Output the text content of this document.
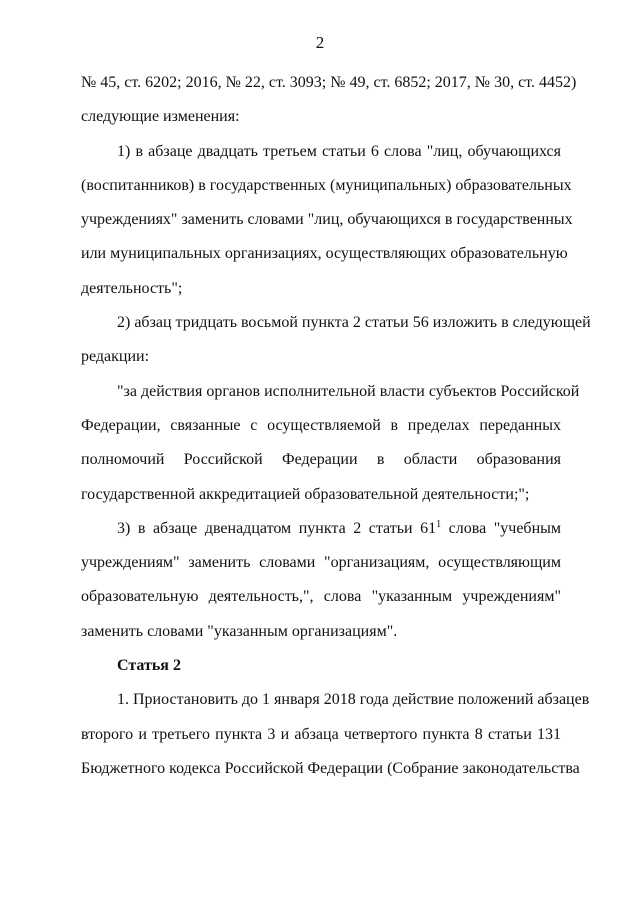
2
№ 45, ст. 6202; 2016, № 22, ст. 3093; № 49, ст. 6852; 2017, № 30, ст. 4452)
следующие изменения:
1) в абзаце двадцать третьем статьи 6 слова "лиц, обучающихся
(воспитанников) в государственных (муниципальных) образовательных
учреждениях" заменить словами "лиц, обучающихся в государственных
или муниципальных организациях, осуществляющих образовательную
деятельность";
2) абзац тридцать восьмой пункта 2 статьи 56 изложить в следующей
редакции:
"за действия органов исполнительной власти субъектов Российской
Федерации, связанные с осуществляемой в пределах переданных
полномочий Российской Федерации в области образования
государственной аккредитацией образовательной деятельности;";
3) в абзаце двенадцатом пункта 2 статьи $61^1$ слова "учебным
учреждениям" заменить словами "организациям, осуществляющим
образовательную деятельность,", слова "указанным учреждениям"
заменить словами "указанным организациям".
Статья 2
1. Приостановить до 1 января 2018 года действие положений абзацев
второго и третьего пункта 3 и абзаца четвертого пункта 8 статьи 131
Бюджетного кодекса Российской Федерации (Собрание законодательства
